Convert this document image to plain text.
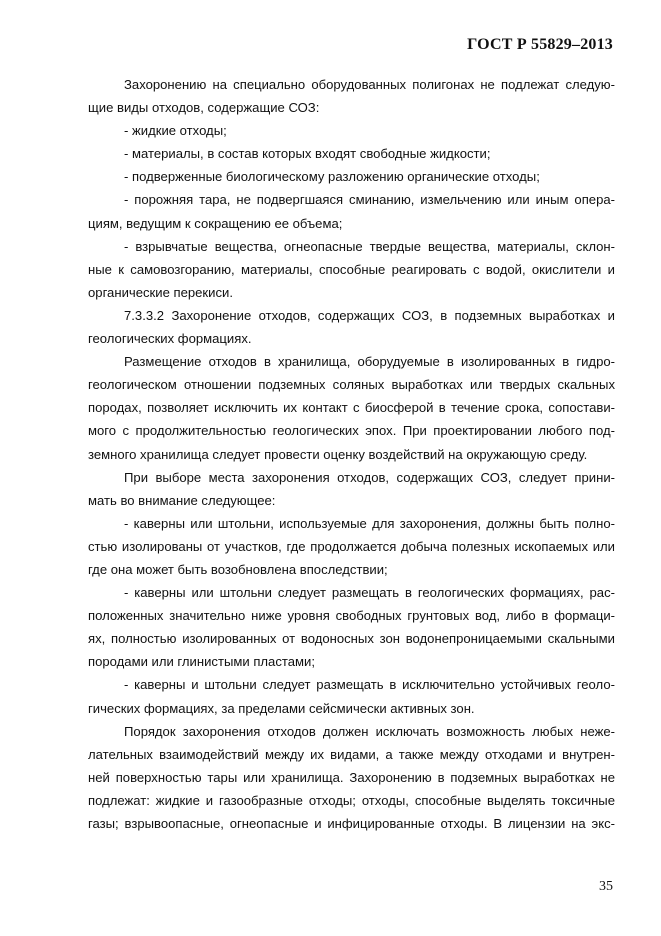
ГОСТ Р 55829–2013

Захоронению на специально оборудованных полигонах не подлежат следую-
щие виды отходов, содержащие СОЗ:

- жидкие отходы;

- материалы, в состав которых входят свободные жидкости;

- подверженные биологическому разложению органические отходы;

- порожняя тара, не подвергшаяся сминанию, измельчению или иным опера-
циям, ведущим к сокращению ее объема;

- взрывчатые вещества, огнеопасные твердые вещества, материалы, склон-
ные к самовозгоранию, материалы, способные реагировать с водой, окислители и
органические перекиси.

7.3.3.2 Захоронение отходов, содержащих СОЗ, в подземных выработках и
геологических формациях.

Размещение отходов в хранилища, оборудуемые в изолированных в гидро-
геологическом отношении подземных соляных выработках или твердых скальных
породах, позволяет исключить их контакт с биосферой в течение срока, сопостави-
мого с продолжительностью геологических эпох. При проектировании любого под-
земного хранилища следует провести оценку воздействий на окружающую среду.

При выборе места захоронения отходов, содержащих СОЗ, следует прини-
мать во внимание следующее:

- каверны или штольни, используемые для захоронения, должны быть полно-
стью изолированы от участков, где продолжается добыча полезных ископаемых или
где она может быть возобновлена впоследствии;

- каверны или штольни следует размещать в геологических формациях, рас-
положенных значительно ниже уровня свободных грунтовых вод, либо в формаци-
ях, полностью изолированных от водоносных зон водонепроницаемыми скальными
породами или глинистыми пластами;

- каверны и штольни следует размещать в исключительно устойчивых геоло-
гических формациях, за пределами сейсмически активных зон.

Порядок захоронения отходов должен исключать возможность любых неже-
лательных взаимодействий между их видами, а также между отходами и внутрен-
ней поверхностью тары или хранилища. Захоронению в подземных выработках не
подлежат: жидкие и газообразные отходы; отходы, способные выделять токсичные
газы; взрывоопасные, огнеопасные и инфицированные отходы. В лицензии на экс-

35
